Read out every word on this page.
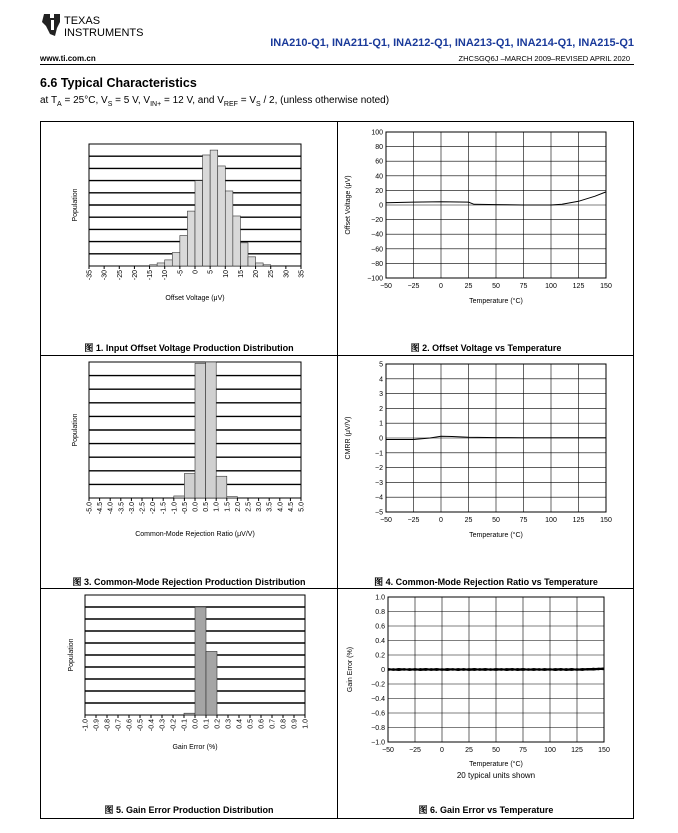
TEXAS
INSTRUMENTS
INA210-Q1, INA211-Q1, INA212-Q1, INA213-Q1, INA214-Q1, INA215-Q1
www.ti.com.cn	ZHCSGQ6J –MARCH 2009–REVISED APRIL 2020
6.6 Typical Characteristics
at $T_A = 25^\circ C$, $V_S = 5$ V, $V_{IN+} = 12$ V, and $V_{REF} = V_S / 2$, (unless otherwise noted)
-35 -30 -25 -20 -15 -10 -5 0 5 10 15 20 25 30 35
Offset Voltage (μV)
Population
图 1. Input Offset Voltage Production Distribution
−50 −25	0	25	50	75	100 125 150
−100
−80
−60
−40
−20
0
20
40
60
80
100
Temperature (°C)
Offset Voltage (μV)
图 2. Offset Voltage vs Temperature
-5.0 -4.5 -4.0 -3.5 -3.0 -2.5 -2.0 -1.5 -1.0 -0.5 0.0 0.5 1.0 1.5 2.0 2.5 3.0 3.5 4.0 4.5 5.0
Common-Mode Rejection Ratio (μV/V)
Population
图 3. Common-Mode Rejection Production Distribution
−50 −25	0	25	50	75	100 125 150
−5
−4
−3
−2
−1
0
1
2
3
4
5
Temperature (°C)
CMRR (μV/V)
图 4. Common-Mode Rejection Ratio vs Temperature
-1.0 -0.9 -0.8 -0.7 -0.6 -0.5 -0.4 -0.3 -0.2 -0.1 0.0 0.1 0.2 0.3 0.4 0.5 0.6 0.7 0.8 0.9 1.0
Gain Error (%)
Population
图 5. Gain Error Production Distribution
−50 −25	0	25	50	75 100 125 150
−1.0
−0.8
−0.6
−0.4
−0.2
0
0.2
0.4
0.6
0.8
1.0
Temperature (°C)
Gain Error (%)
20 typical units shown
图 6. Gain Error vs Temperature
